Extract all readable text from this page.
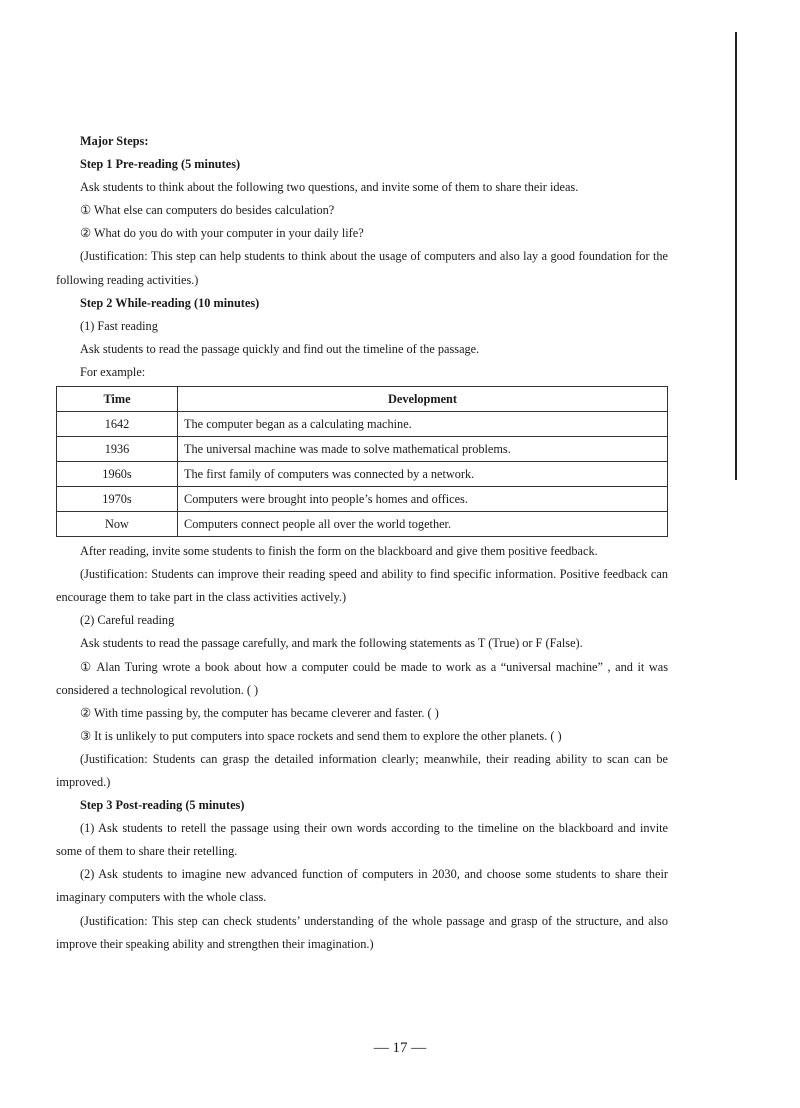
Major Steps:

Step 1 Pre-reading (5 minutes)

Ask students to think about the following two questions, and invite some of them to share their ideas.

① What else can computers do besides calculation?

② What do you do with your computer in your daily life?

(Justification: This step can help students to think about the usage of computers and also lay a good foundation for the following reading activities.)

Step 2 While-reading (10 minutes)

(1) Fast reading

Ask students to read the passage quickly and find out the timeline of the passage.

For example:

Time	Development
1642	The computer began as a calculating machine.
1936	The universal machine was made to solve mathematical problems.
1960s	The first family of computers was connected by a network.
1970s	Computers were brought into people’s homes and offices.
Now	Computers connect people all over the world together.

After reading, invite some students to finish the form on the blackboard and give them positive feedback.

(Justification: Students can improve their reading speed and ability to find specific information. Positive feedback can encourage them to take part in the class activities actively.)

(2) Careful reading

Ask students to read the passage carefully, and mark the following statements as T (True) or F (False).

① Alan Turing wrote a book about how a computer could be made to work as a “universal machine” , and it was considered a technological revolution. ( )

② With time passing by, the computer has became cleverer and faster. ( )

③ It is unlikely to put computers into space rockets and send them to explore the other planets. ( )

(Justification: Students can grasp the detailed information clearly; meanwhile, their reading ability to scan can be improved.)

Step 3 Post-reading (5 minutes)

(1) Ask students to retell the passage using their own words according to the timeline on the blackboard and invite some of them to share their retelling.

(2) Ask students to imagine new advanced function of computers in 2030, and choose some students to share their imaginary computers with the whole class.

(Justification: This step can check students’ understanding of the whole passage and grasp of the structure, and also improve their speaking ability and strengthen their imagination.)

— 17 —
